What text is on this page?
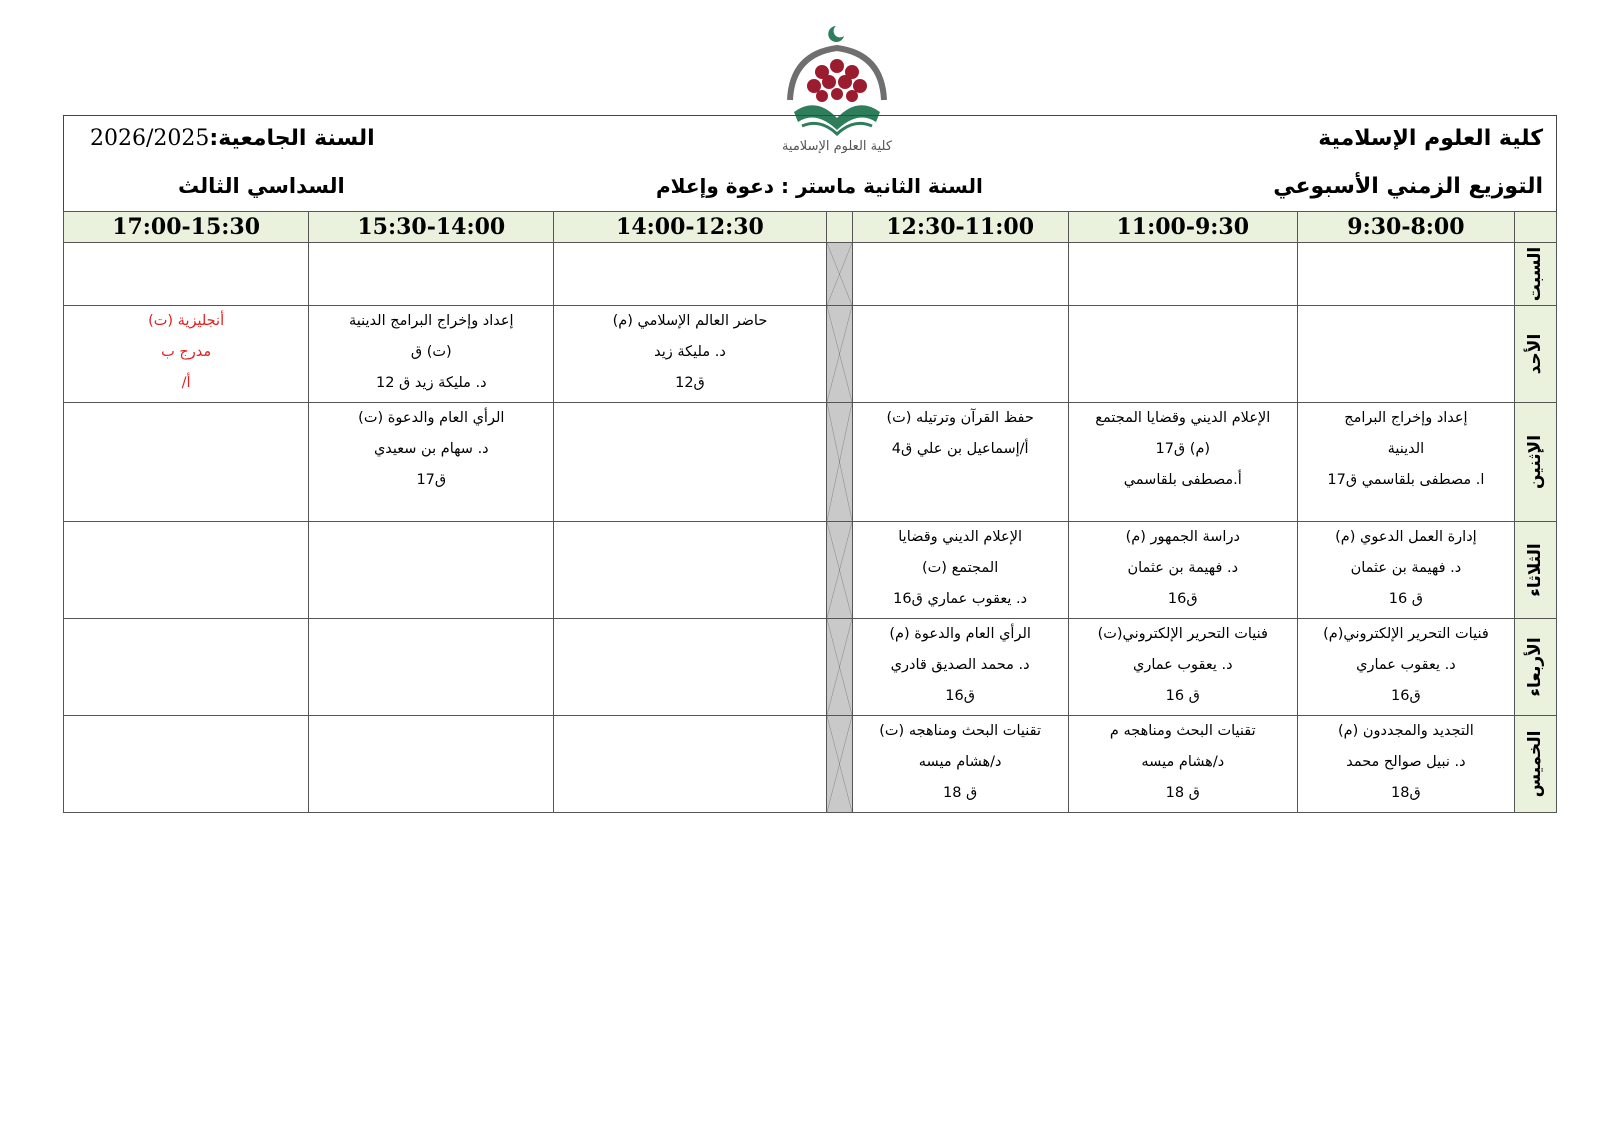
كلية العلوم الإسلامية	كلية العلوم الإسلامية
التوزيع الزمني الأسبوعي
2026/2025السنة الجامعية:
السنة الثانية ماستر : دعوة وإعلام
السداسي الثالث
	9:30-8:00	11:00-9:30	12:30-11:00		14:00-12:30	15:30-14:00	17:00-15:30

السبت

الأحد					حاضر العالم الإسلامي (م)
د. مليكة زيد
ق12	إعداد وإخراج البرامج الدينية
(ت) ق
د. مليكة زيد ق 12	أنجليزية (ت)
مدرج ب
أ/

الإثنين	إعداد وإخراج البرامج
الدينية
ا. مصطفى بلقاسمي ق17	الإعلام الديني وقضايا المجتمع
(م) ق17
أ.مصطفى بلقاسمي	حفظ القرآن وترتيله (ت)
أ/إسماعيل بن علي ق4			الرأي العام والدعوة (ت)
د. سهام بن سعيدي
ق17	

الثلاثاء	إدارة العمل الدعوي (م)
د. فهيمة بن عثمان
ق 16	دراسة الجمهور (م)
د. فهيمة بن عثمان
ق16	الإعلام الديني وقضايا
المجتمع (ت)
د. يعقوب عماري ق16

الأربعاء	فنيات التحرير الإلكتروني(م)
د. يعقوب عماري
ق16	فنيات التحرير الإلكتروني(ت)
د. يعقوب عماري
ق 16	الرأي العام والدعوة (م)
د. محمد الصديق قادري
ق16

الخميس	التجديد والمجددون (م)
د. نبيل صوالح محمد
ق18	تقنيات البحث ومناهجه م
د/هشام ميسه
ق 18	تقنيات البحث ومناهجه (ت)
د/هشام ميسه
ق 18
